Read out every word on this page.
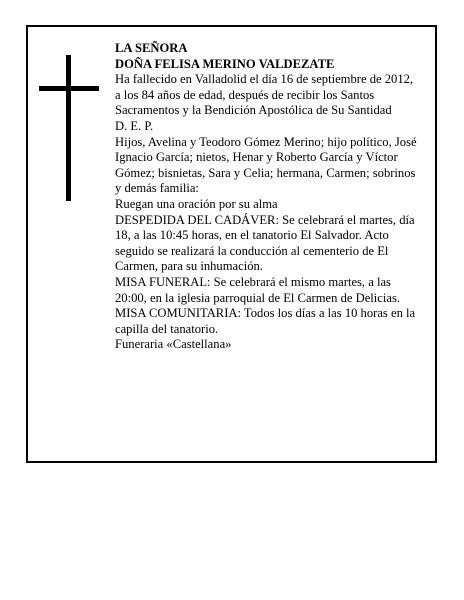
LA SEÑORA

DOÑA FELISA MERINO VALDEZATE

Ha fallecido en Valladolid el día 16 de septiembre de 2012, a los 84 años de edad, después de recibir los Santos Sacramentos y la Bendición Apostólica de Su Santidad

D. E. P.

Hijos, Avelina y Teodoro Gómez Merino; hijo político, José Ignacio García; nietos, Henar y Roberto García y Víctor Gómez; bisnietas, Sara y Celia; hermana, Carmen; sobrinos y demás familia:

Ruegan una oración por su alma

DESPEDIDA DEL CADÁVER: Se celebrará el martes, día 18, a las 10:45 horas, en el tanatorio El Salvador. Acto seguido se realizará la conducción al cementerio de El Carmen, para su inhumación.

MISA FUNERAL: Se celebrará el mismo martes, a las 20:00, en la iglesia parroquial de El Carmen de Delicias.

MISA COMUNITARIA: Todos los días a las 10 horas en la capilla del tanatorio.

Funeraria «Castellana»
